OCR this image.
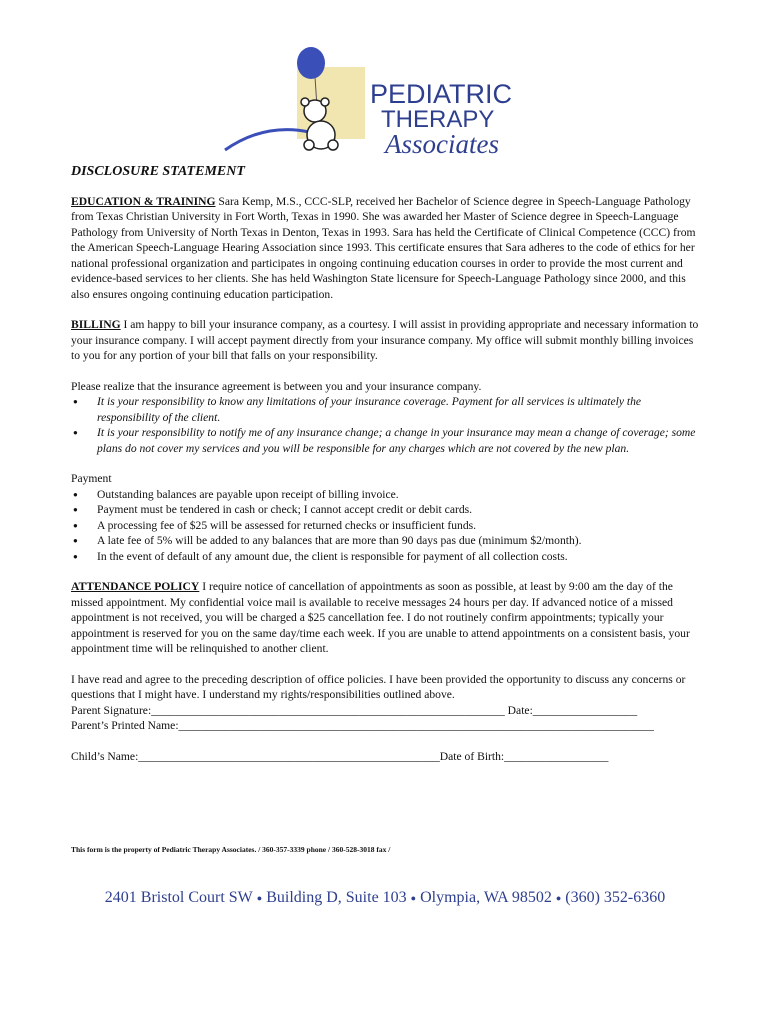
PEDIATRIC
THERAPY
Associates
DISCLOSURE STATEMENT

EDUCATION & TRAINING Sara Kemp, M.S., CCC-SLP, received her Bachelor of Science degree in Speech-Language Pathology from Texas Christian University in Fort Worth, Texas in 1990. She was awarded her Master of Science degree in Speech-Language Pathology from University of North Texas in Denton, Texas in 1993. Sara has held the Certificate of Clinical Competence (CCC) from the American Speech-Language Hearing Association since 1993. This certificate ensures that Sara adheres to the code of ethics for her national professional organization and participates in ongoing continuing education courses in order to provide the most current and evidence-based services to her clients. She has held Washington State licensure for Speech-Language Pathology since 2000, and this also ensures ongoing continuing education participation.

BILLING I am happy to bill your insurance company, as a courtesy. I will assist in providing appropriate and necessary information to your insurance company. I will accept payment directly from your insurance company. My office will submit monthly billing invoices to you for any portion of your bill that falls on your responsibility.

Please realize that the insurance agreement is between you and your insurance company.
● It is your responsibility to know any limitations of your insurance coverage. Payment for all services is ultimately the responsibility of the client.
● It is your responsibility to notify me of any insurance change; a change in your insurance may mean a change of coverage; some plans do not cover my services and you will be responsible for any charges which are not covered by the new plan.
Payment
● Outstanding balances are payable upon receipt of billing invoice.
● Payment must be tendered in cash or check; I cannot accept credit or debit cards.
● A processing fee of $25 will be assessed for returned checks or insufficient funds.
● A late fee of 5% will be added to any balances that are more than 90 days pas due (minimum $2/month).
● In the event of default of any amount due, the client is responsible for payment of all collection costs.

ATTENDANCE POLICY I require notice of cancellation of appointments as soon as possible, at least by 9:00 am the day of the missed appointment. My confidential voice mail is available to receive messages 24 hours per day. If advanced notice of a missed appointment is not received, you will be charged a $25 cancellation fee. I do not routinely confirm appointments; typically your appointment is reserved for you on the same day/time each week. If you are unable to attend appointments on a consistent basis, your appointment time will be relinquished to another client.

I have read and agree to the preceding description of office policies. I have been provided the opportunity to discuss any concerns or questions that I might have. I understand my rights/responsibilities outlined above.
Parent Signature:_____________________________________________________________ Date:__________________
Parent’s Printed Name:__________________________________________________________________________________
Child’s Name:____________________________________________________Date of Birth:__________________
This form is the property of Pediatric Therapy Associates. / 360-357-3339 phone / 360-528-3018 fax /
2401 Bristol Court SW ● Building D, Suite 103 ● Olympia, WA 98502 ● (360) 352-6360
